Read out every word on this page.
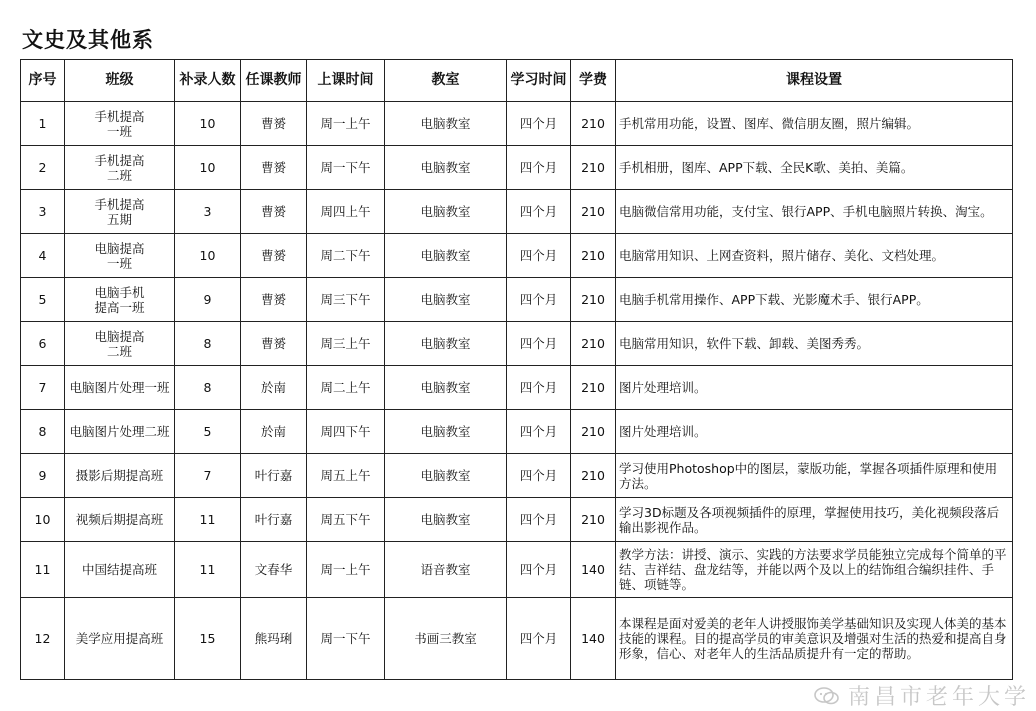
文史及其他系
序号	班级	补录人数	任课教师	上课时间	教室	学习时间	学费	课程设置
1	手机提高一班	10	曹赟	周一上午	电脑教室	四个月	210	手机常用功能，设置、图库、微信朋友圈，照片编辑。
2	手机提高二班	10	曹赟	周一下午	电脑教室	四个月	210	手机相册，图库、APP下载、全民K歌、美拍、美篇。
3	手机提高五期	3	曹赟	周四上午	电脑教室	四个月	210	电脑微信常用功能，支付宝、银行APP、手机电脑照片转换、淘宝。
4	电脑提高一班	10	曹赟	周二下午	电脑教室	四个月	210	电脑常用知识、上网查资料，照片储存、美化、文档处理。
5	电脑手机提高一班	9	曹赟	周三下午	电脑教室	四个月	210	电脑手机常用操作、APP下载、光影魔术手、银行APP。
6	电脑提高二班	8	曹赟	周三上午	电脑教室	四个月	210	电脑常用知识，软件下载、卸载、美图秀秀。
7	电脑图片处理一班	8	於南	周二上午	电脑教室	四个月	210	图片处理培训。
8	电脑图片处理二班	5	於南	周四下午	电脑教室	四个月	210	图片处理培训。
9	摄影后期提高班	7	叶行嘉	周五上午	电脑教室	四个月	210	学习使用Photoshop中的图层，蒙版功能，掌握各项插件原理和使用方法。
10	视频后期提高班	11	叶行嘉	周五下午	电脑教室	四个月	210	学习3D标题及各项视频插件的原理，掌握使用技巧，美化视频段落后输出影视作品。
11	中国结提高班	11	文春华	周一上午	语音教室	四个月	140	教学方法：讲授、演示、实践的方法要求学员能独立完成每个简单的平结、吉祥结、盘龙结等，并能以两个及以上的结饰组合编织挂件、手链、项链等。
12	美学应用提高班	15	熊玛琍	周一下午	书画三教室	四个月	140	本课程是面对爱美的老年人讲授服饰美学基础知识及实现人体美的基本技能的课程。目的提高学员的审美意识及增强对生活的热爱和提高自身形象，信心、对老年人的生活品质提升有一定的帮助。
南昌市老年大学
